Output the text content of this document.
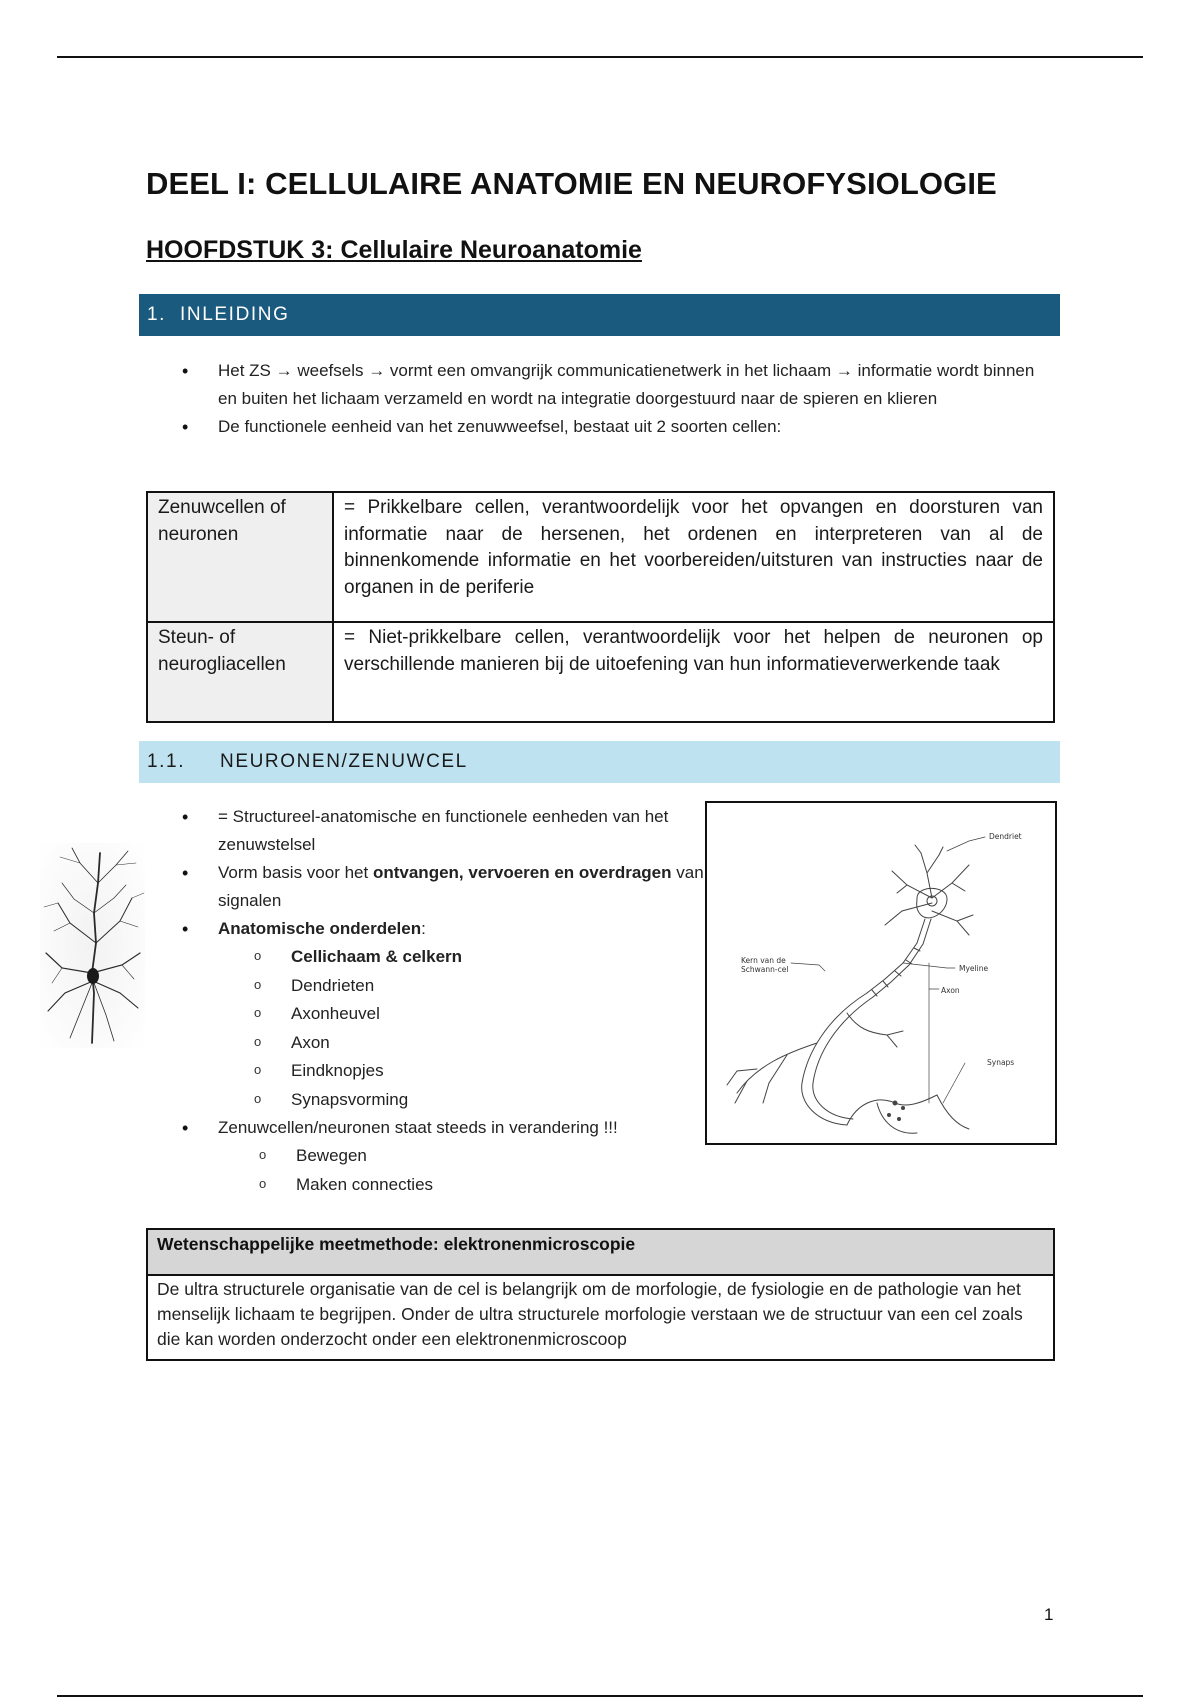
DEEL I: CELLULAIRE ANATOMIE EN NEUROFYSIOLOGIE
HOOFDSTUK 3: Cellulaire Neuroanatomie
1. INLEIDING
• Het ZS → weefsels → vormt een omvangrijk communicatienetwerk in het lichaam → informatie wordt binnen en buiten het lichaam verzameld en wordt na integratie doorgestuurd naar de spieren en klieren
• De functionele eenheid van het zenuwweefsel, bestaat uit 2 soorten cellen:
Zenuwcellen of neuronen	= Prikkelbare cellen, verantwoordelijk voor het opvangen en doorsturen van informatie naar de hersenen, het ordenen en interpreteren van al de binnenkomende informatie en het voorbereiden/uitsturen van instructies naar de organen in de periferie
Steun- of neurogliacellen	= Niet-prikkelbare cellen, verantwoordelijk voor het helpen de neuronen op verschillende manieren bij de uitoefening van hun informatieverwerkende taak
1.1.	NEURONEN/ZENUWCEL
• = Structureel-anatomische en functionele eenheden van het zenuwstelsel
• Vorm basis voor het ontvangen, vervoeren en overdragen van signalen
• Anatomische onderdelen:
o Cellichaam & celkern
o Dendrieten
o Axonheuvel
o Axon
o Eindknopjes
o Synapsvorming
• Zenuwcellen/neuronen staat steeds in verandering !!!
o Bewegen
o Maken connecties
Dendriet
Kern van de
Schwann-cel	Myeline
Axon
Synaps
Wetenschappelijke meetmethode: elektronenmicroscopie
De ultra structurele organisatie van de cel is belangrijk om de morfologie, de fysiologie en de pathologie van het menselijk lichaam te begrijpen. Onder de ultra structurele morfologie verstaan we de structuur van een cel zoals die kan worden onderzocht onder een elektronenmicroscoop
1
